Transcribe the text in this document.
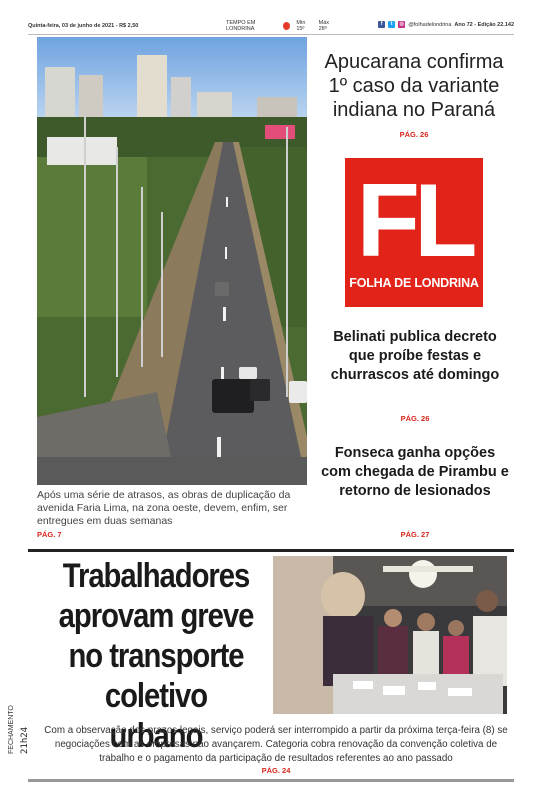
Quinta-feira, 03 de junho de 2021 - R$ 2,50	TEMPO EM LONDRINA
Mín 15º
Máx 28º
f	t	◎ @folhadelondrina Ano 72 - Edição 22.142
Após uma série de atrasos, as obras de duplicação da avenida Faria Lima, na zona oeste, devem, enfim, ser entregues em duas semanas
PÁG. 7
Apucarana confirma 1º caso da variante indiana no Paraná
PÁG. 26
FL
FOLHA DE LONDRINA
Belinati publica decreto que proíbe festas e churrascos até domingo
PÁG. 26
Fonseca ganha opções com chegada de Pirambu e retorno de lesionados
PÁG. 27
FECHAMENTO 21h24
Trabalhadores aprovam greve no transporte coletivo urbano
Com a observação dos prazos legais, serviço poderá ser interrompido a partir da próxima terça-feira (8) se negociações com as empresas não avançarem. Categoria cobra renovação da convenção coletiva de trabalho e o pagamento da participação de resultados referentes ao ano passado
PÁG. 24
